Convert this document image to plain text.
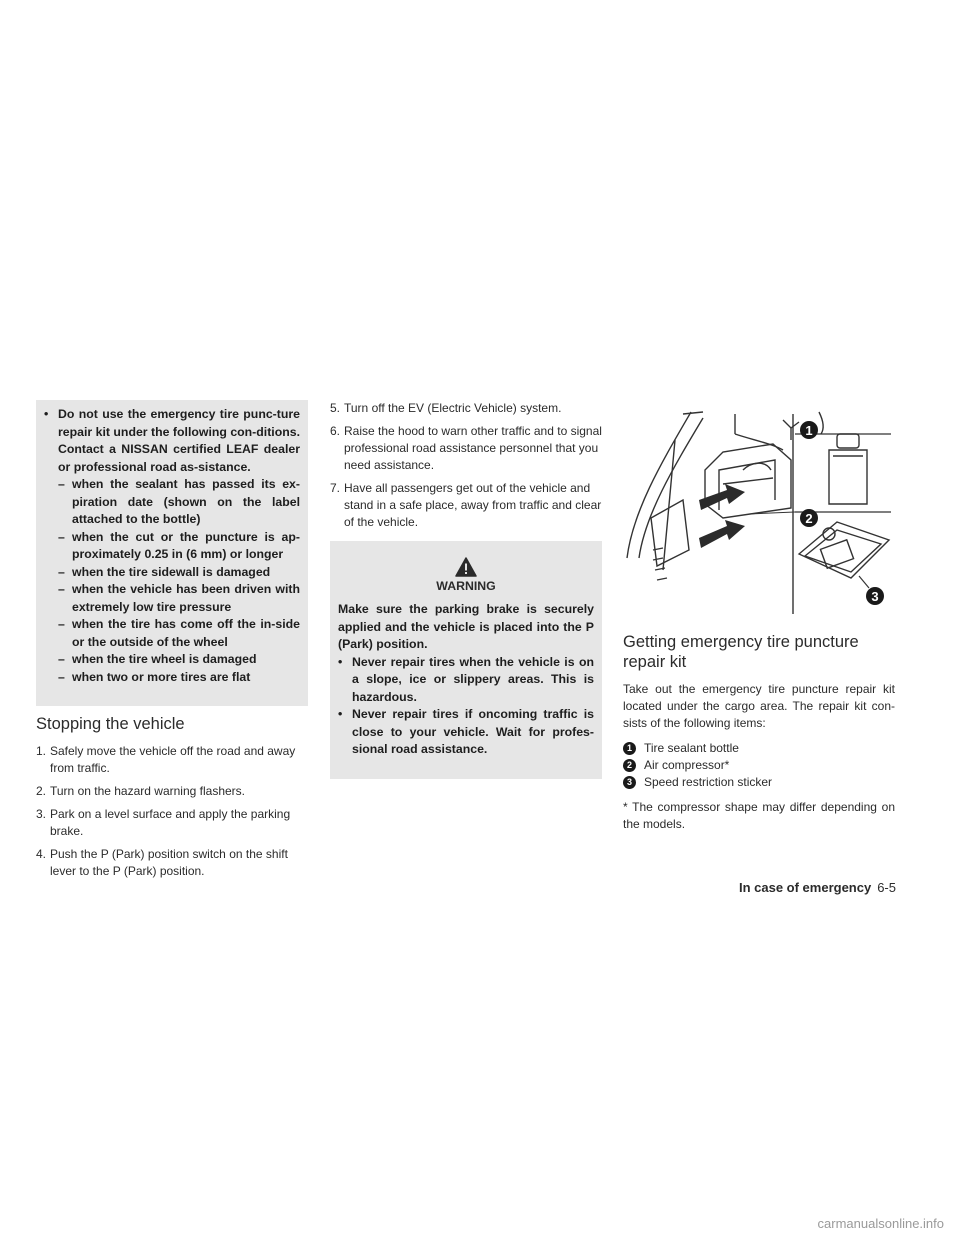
• Do not use the emergency tire punc-ture repair kit under the following con-ditions. Contact a NISSAN certified LEAF dealer or professional road as-sistance.
– when the sealant has passed its ex-piration date (shown on the label attached to the bottle)
– when the cut or the puncture is ap-proximately 0.25 in (6 mm) or longer
– when the tire sidewall is damaged
– when the vehicle has been driven with extremely low tire pressure
– when the tire has come off the in-side or the outside of the wheel
– when the tire wheel is damaged
– when two or more tires are flat
Stopping the vehicle
1. Safely move the vehicle off the road and away from traffic.
2. Turn on the hazard warning flashers.
3. Park on a level surface and apply the parking brake.
4. Push the P (Park) position switch on the shift lever to the P (Park) position.
5. Turn off the EV (Electric Vehicle) system.
6. Raise the hood to warn other traffic and to signal professional road assistance personnel that you need assistance.
7. Have all passengers get out of the vehicle and stand in a safe place, away from traffic and clear of the vehicle.
WARNING

Make sure the parking brake is securely applied and the vehicle is placed into the P (Park) position.

• Never repair tires when the vehicle is on a slope, ice or slippery areas. This is hazardous.
• Never repair tires if oncoming traffic is close to your vehicle. Wait for profes-sional road assistance.
1
2
3
Getting emergency tire puncture repair kit

Take out the emergency tire puncture repair kit located under the cargo area. The repair kit con-sists of the following items:

1	Tire sealant bottle
2	Air compressor*
3	Speed restriction sticker

* The compressor shape may differ depending on the models.

In case of emergency 6-5
carmanualsonline.info
